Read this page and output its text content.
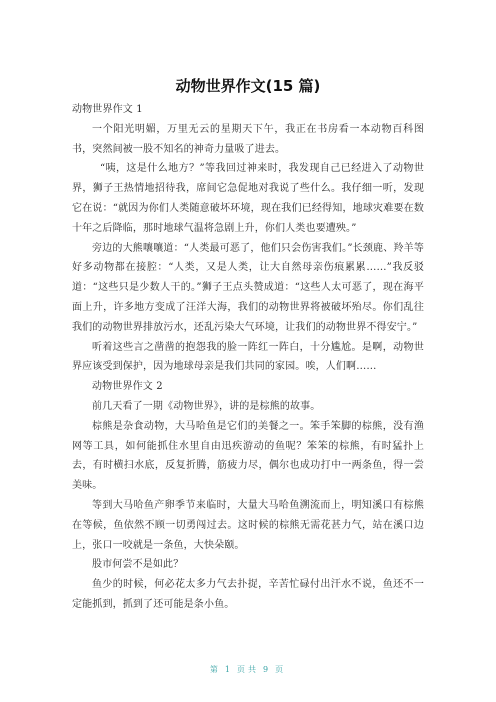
动物世界作文(15 篇)

动物世界作文 1

一个阳光明媚，万里无云的星期天下午，我正在书房看一本动物百科图书，突然间被一股不知名的神奇力量吸了进去。

“咦，这是什么地方？”等我回过神来时，我发现自己已经进入了动物世界，狮子王热情地招待我，席间它急促地对我说了些什么。我仔细一听，发现它在说：“就因为你们人类随意破坏环境，现在我们已经得知，地球灾难要在数十年之后降临，那时地球气温将急剧上升，你们人类也要遭殃。”

旁边的大熊嚷嚷道：“人类最可恶了，他们只会伤害我们。”长颈鹿、羚羊等好多动物都在接腔：“人类，又是人类，让大自然母亲伤痕累累……”我反驳道：“这些只是少数人干的。”狮子王点头赞成道：“这些人太可恶了，现在海平面上升，许多地方变成了汪洋大海，我们的动物世界将被破坏殆尽。你们乱往我们的动物世界排放污水，还乱污染大气环境，让我们的动物世界不得安宁。”

听着这些言之凿凿的抱怨我的脸一阵红一阵白，十分尴尬。是啊，动物世界应该受到保护，因为地球母亲是我们共同的家园。唉，人们啊……

动物世界作文 2

前几天看了一期《动物世界》，讲的是棕熊的故事。

棕熊是杂食动物，大马哈鱼是它们的美餐之一。笨手笨脚的棕熊，没有渔网等工具，如何能抓住水里自由迅疾游动的鱼呢？笨笨的棕熊，有时猛扑上去，有时横扫水底，反复折腾，筋疲力尽，偶尔也成功打中一两条鱼，得一尝美味。

等到大马哈鱼产卵季节来临时，大量大马哈鱼溯流而上，明知溪口有棕熊在等候，鱼依然不顾一切勇闯过去。这时候的棕熊无需花甚力气，站在溪口边上，张口一咬就是一条鱼，大快朵颐。

股市何尝不是如此？

鱼少的时候，何必花太多力气去扑捉，辛苦忙碌付出汗水不说，鱼还不一定能抓到，抓到了还可能是条小鱼。

第 1 页共 9 页
